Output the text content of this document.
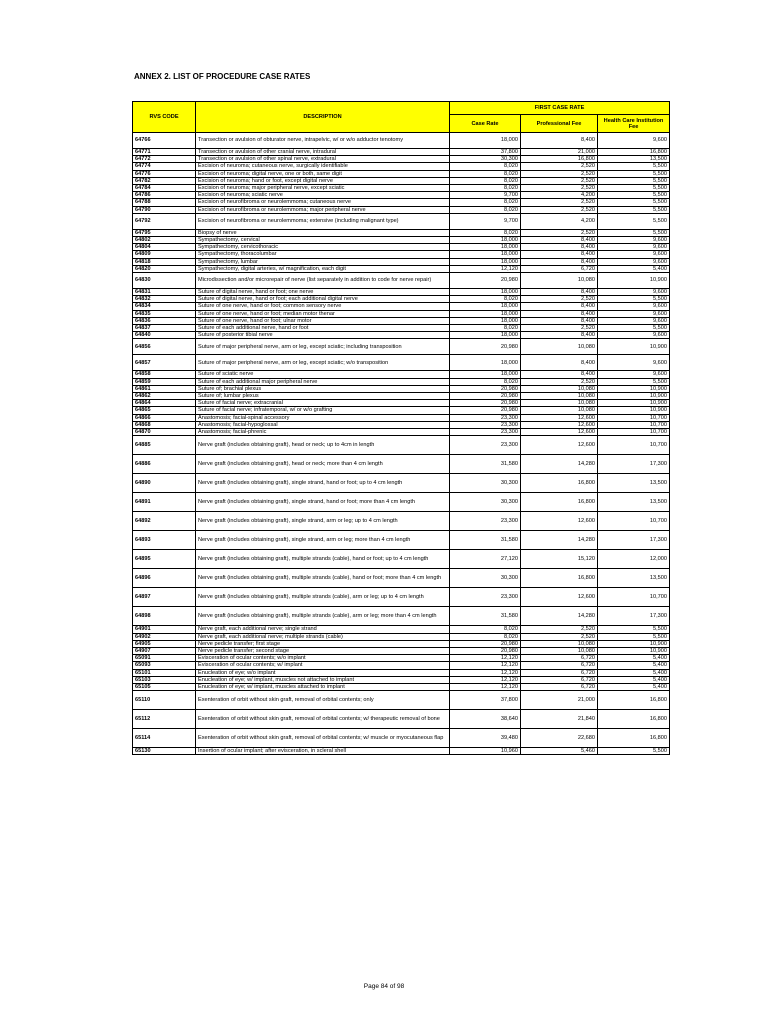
ANNEX 2. LIST OF PROCEDURE CASE RATES
RVS CODE	DESCRIPTION	FIRST CASE RATE		
		Case Rate	Professional Fee	Health Care Institution Fee
64766	Transection or avulsion of obturator nerve, intrapelvic, w/ or w/o adductor tenotomy	18,000	8,400	9,600
64771	Transection or avulsion of other cranial nerve, intradural	37,800	21,000	16,800
64772	Transection or avulsion of other spinal nerve, extradural	30,300	16,800	13,500
64774	Excision of neuroma; cutaneous nerve, surgically identifiable	8,020	2,520	5,500
64776	Excision of neuroma; digital nerve, one or both, same digit	8,020	2,520	5,500
64782	Excision of neuroma; hand or foot, except digital nerve	8,020	2,520	5,500
64784	Excision of neuroma; major peripheral nerve, except sciatic	8,020	2,520	5,500
64786	Excision of neuroma; sciatic nerve	9,700	4,200	5,500
64788	Excision of neurofibroma or neurolemmoma; cutaneous nerve	8,020	2,520	5,500
64790	Excision of neurofibroma or neurolemmoma; major peripheral nerve	8,020	2,520	5,500
64792	Excision of neurofibroma or neurolemmoma; extensive (including malignant type)	9,700	4,200	5,500
64795	Biopsy of nerve	8,020	2,520	5,500
64802	Sympathectomy, cervical	18,000	8,400	9,600
64804	Sympathectomy, cervicothoracic	18,000	8,400	9,600
64809	Sympathectomy, thoracolumbar	18,000	8,400	9,600
64818	Sympathectomy, lumbar	18,000	8,400	9,600
64820	Sympathectomy, digital arteries, w/ magnification, each digit	12,120	6,720	5,400
64830	Microdissection and/or microrepair of nerve (list separately in addition to code for nerve repair)	20,980	10,080	10,900
64831	Suture of digital nerve, hand or foot; one nerve	18,000	8,400	9,600
64832	Suture of digital nerve, hand or foot; each additional digital nerve	8,020	2,520	5,500
64834	Suture of one nerve, hand or foot; common sensory nerve	18,000	8,400	9,600
64835	Suture of one nerve, hand or foot; median motor thenar	18,000	8,400	9,600
64836	Suture of one nerve, hand or foot; ulnar motor	18,000	8,400	9,600
64837	Suture of each additional nerve, hand or foot	8,020	2,520	5,500
64840	Suture of posterior tibial nerve	18,000	8,400	9,600
64856	Suture of major peripheral nerve, arm or leg, except sciatic; including transposition	20,980	10,080	10,900
64857	Suture of major peripheral nerve, arm or leg, except sciatic; w/o transposition	18,000	8,400	9,600
64858	Suture of sciatic nerve	18,000	8,400	9,600
64859	Suture of each additional major peripheral nerve	8,020	2,520	5,500
64861	Suture of; brachial plexus	20,980	10,080	10,900
64862	Suture of; lumbar plexus	20,980	10,080	10,900
64864	Suture of facial nerve; extracranial	20,980	10,080	10,900
64865	Suture of facial nerve; infratemporal, w/ or w/o grafting	20,980	10,080	10,900
64866	Anastomosis; facial-spinal accessory	23,300	12,600	10,700
64868	Anastomosis; facial-hypoglossal	23,300	12,600	10,700
64870	Anastomosis; facial-phrenic	23,300	12,600	10,700
64885	Nerve graft (includes obtaining graft), head or neck; up to 4cm in length	23,300	12,600	10,700
64886	Nerve graft (includes obtaining graft), head or neck; more than 4 cm length	31,580	14,280	17,300
64890	Nerve graft (includes obtaining graft), single strand, hand or foot; up to 4 cm length	30,300	16,800	13,500
64891	Nerve graft (includes obtaining graft), single strand, hand or foot; more than 4 cm length	30,300	16,800	13,500
64892	Nerve graft (includes obtaining graft), single strand, arm or leg; up to 4 cm length	23,300	12,600	10,700
64893	Nerve graft (includes obtaining graft), single strand, arm or leg; more than 4 cm length	31,580	14,280	17,300
64895	Nerve graft (includes obtaining graft), multiple strands (cable), hand or foot; up to 4 cm length	27,120	15,120	12,000
64896	Nerve graft (includes obtaining graft), multiple strands (cable), hand or foot; more than 4 cm length	30,300	16,800	13,500
64897	Nerve graft (includes obtaining graft), multiple strands (cable), arm or leg; up to 4 cm length	23,300	12,600	10,700
64898	Nerve graft (includes obtaining graft), multiple strands (cable), arm or leg; more than 4 cm length	31,580	14,280	17,300
64901	Nerve graft, each additional nerve; single strand	8,020	2,520	5,500
64902	Nerve graft, each additional nerve; multiple strands (cable)	8,020	2,520	5,500
64905	Nerve pedicle transfer; first stage	20,980	10,080	10,900
64907	Nerve pedicle transfer; second stage	20,980	10,080	10,900
65091	Evisceration of ocular contents; w/o implant	12,120	6,720	5,400
65093	Evisceration of ocular contents; w/ implant	12,120	6,720	5,400
65101	Enucleation of eye; w/o implant	12,120	6,720	5,400
65103	Enucleation of eye; w/ implant, muscles not attached to implant	12,120	6,720	5,400
65105	Enucleation of eye; w/ implant, muscles attached to implant	12,120	6,720	5,400
65110	Exenteration of orbit without skin graft, removal of orbital contents; only	37,800	21,000	16,800
65112	Exenteration of orbit without skin graft, removal of orbital contents; w/ therapeutic removal of bone	38,640	21,840	16,800
65114	Exenteration of orbit without skin graft, removal of orbital contents; w/ muscle or myocutaneous flap	39,480	22,680	16,800
65130	Insertion of ocular implant; after evisceration, in scleral shell	10,960	5,460	5,500
Page 84 of 98
